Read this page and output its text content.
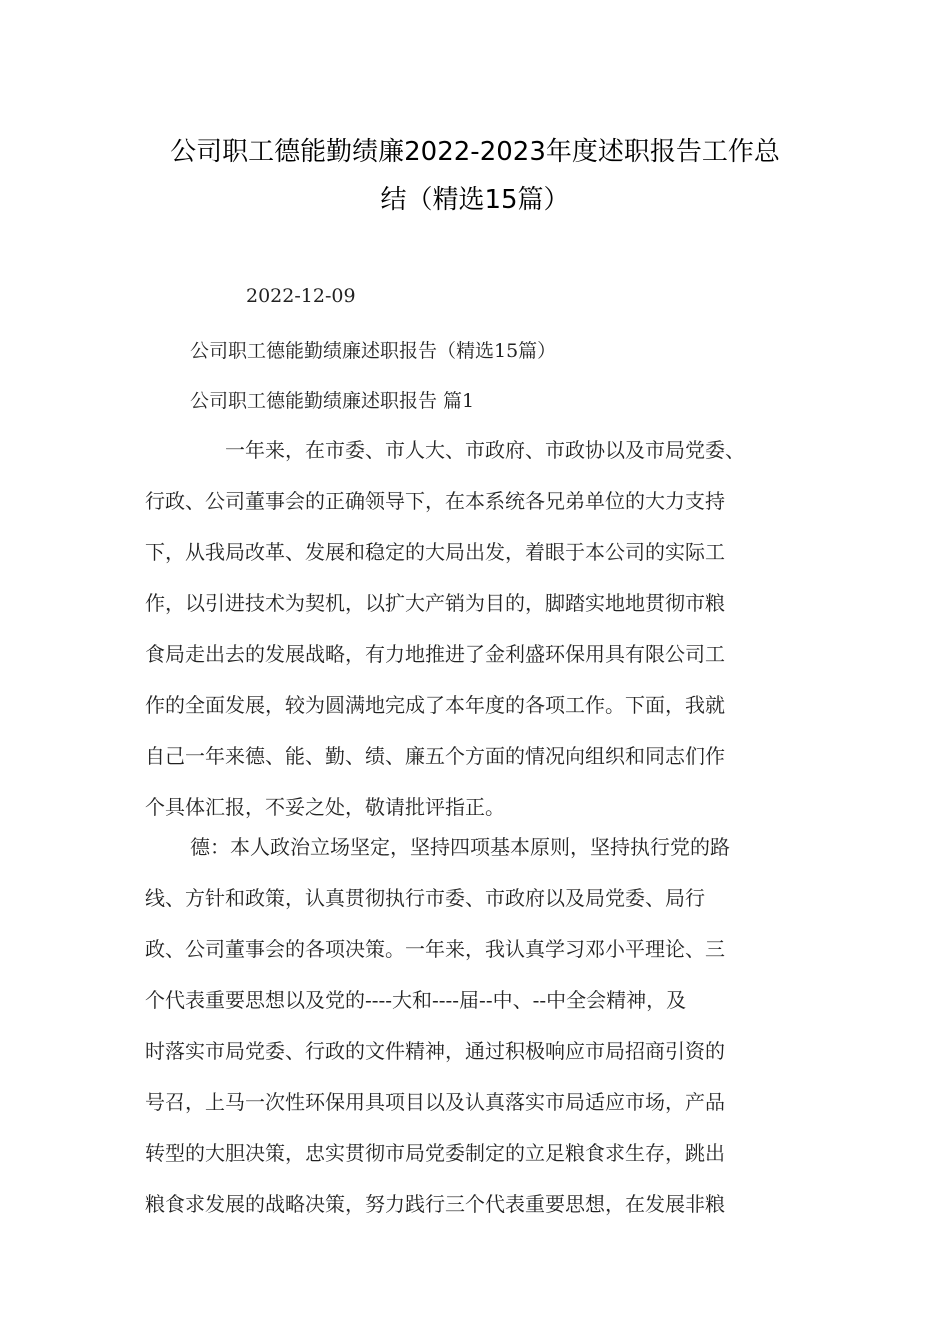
公司职工德能勤绩廉2022-2023年度述职报告工作总
结（精选15篇）
2022-12-09
公司职工德能勤绩廉述职报告（精选15篇）
公司职工德能勤绩廉述职报告 篇1
一年来，在市委、市人大、市政府、市政协以及市局党委、
行政、公司董事会的正确领导下，在本系统各兄弟单位的大力支持
下，从我局改革、发展和稳定的大局出发，着眼于本公司的实际工
作，以引进技术为契机，以扩大产销为目的，脚踏实地地贯彻市粮
食局走出去的发展战略，有力地推进了金利盛环保用具有限公司工
作的全面发展，较为圆满地完成了本年度的各项工作。下面，我就
自己一年来德、能、勤、绩、廉五个方面的情况向组织和同志们作
个具体汇报，不妥之处，敬请批评指正。
德：本人政治立场坚定，坚持四项基本原则，坚持执行党的路
线、方针和政策，认真贯彻执行市委、市政府以及局党委、局行
政、公司董事会的各项决策。一年来，我认真学习邓小平理论、三
个代表重要思想以及党的----大和----届--中、--中全会精神，及
时落实市局党委、行政的文件精神，通过积极响应市局招商引资的
号召，上马一次性环保用具项目以及认真落实市局适应市场，产品
转型的大胆决策，忠实贯彻市局党委制定的立足粮食求生存，跳出
粮食求发展的战略决策，努力践行三个代表重要思想，在发展非粮
